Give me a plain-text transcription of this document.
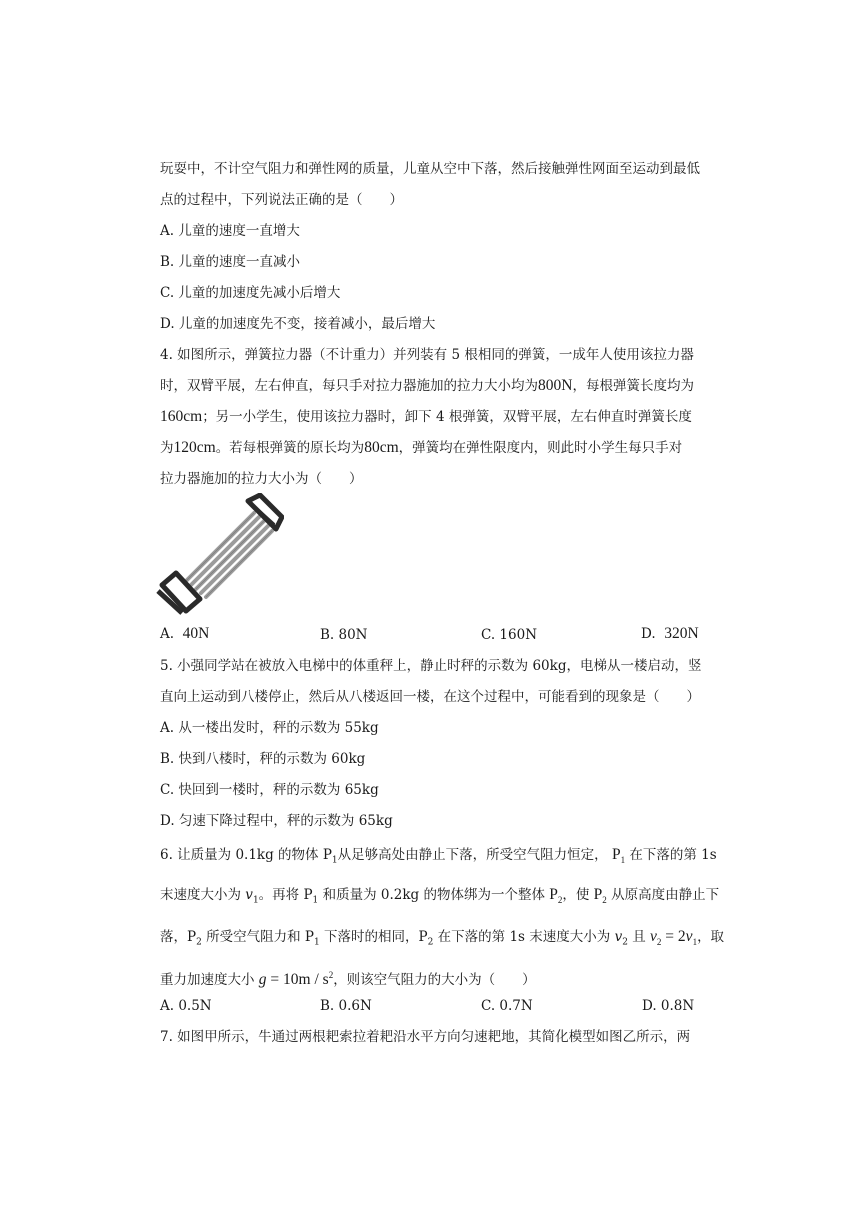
玩耍中，不计空气阻力和弹性网的质量，儿童从空中下落，然后接触弹性网面至运动到最低
点的过程中，下列说法正确的是（　　）
A. 儿童的速度一直增大
B. 儿童的速度一直减小
C. 儿童的加速度先减小后增大
D. 儿童的加速度先不变，接着减小，最后增大
4. 如图所示，弹簧拉力器（不计重力）并列装有 5 根相同的弹簧，一成年人使用该拉力器
时，双臂平展，左右伸直，每只手对拉力器施加的拉力大小均为800N，每根弹簧长度均为
160cm；另一小学生，使用该拉力器时，卸下 4 根弹簧，双臂平展，左右伸直时弹簧长度
为120cm。若每根弹簧的原长均为80cm，弹簧均在弹性限度内，则此时小学生每只手对
拉力器施加的拉力大小为（　　）
A. 40N	B. 80N	C. 160N	D. 320N
5. 小强同学站在被放入电梯中的体重秤上，静止时秤的示数为 60kg，电梯从一楼启动，竖
直向上运动到八楼停止，然后从八楼返回一楼，在这个过程中，可能看到的现象是（　　）
A. 从一楼出发时，秤的示数为 55kg
B. 快到八楼时，秤的示数为 60kg
C. 快回到一楼时，秤的示数为 65kg
D. 匀速下降过程中，秤的示数为 65kg
6. 让质量为 0.1kg 的物体 $P_1$从足够高处由静止下落，所受空气阻力恒定， $P_1$ 在下落的第 1s
末速度大小为 $v_1$。再将 $P_1$ 和质量为 0.2kg 的物体绑为一个整体 $P_2$，使 $P_2$ 从原高度由静止下
落，$P_2$ 所受空气阻力和 $P_1$ 下落时的相同，$P_2$ 在下落的第 1s 末速度大小为 $v_2$ 且 $v_2 = 2v_1$，取
重力加速度大小 $g = 10m / s^2$，则该空气阻力的大小为（　　）
A. 0.5N	B. 0.6N	C. 0.7N	D. 0.8N
7. 如图甲所示，牛通过两根耙索拉着耙沿水平方向匀速耙地，其简化模型如图乙所示，两
